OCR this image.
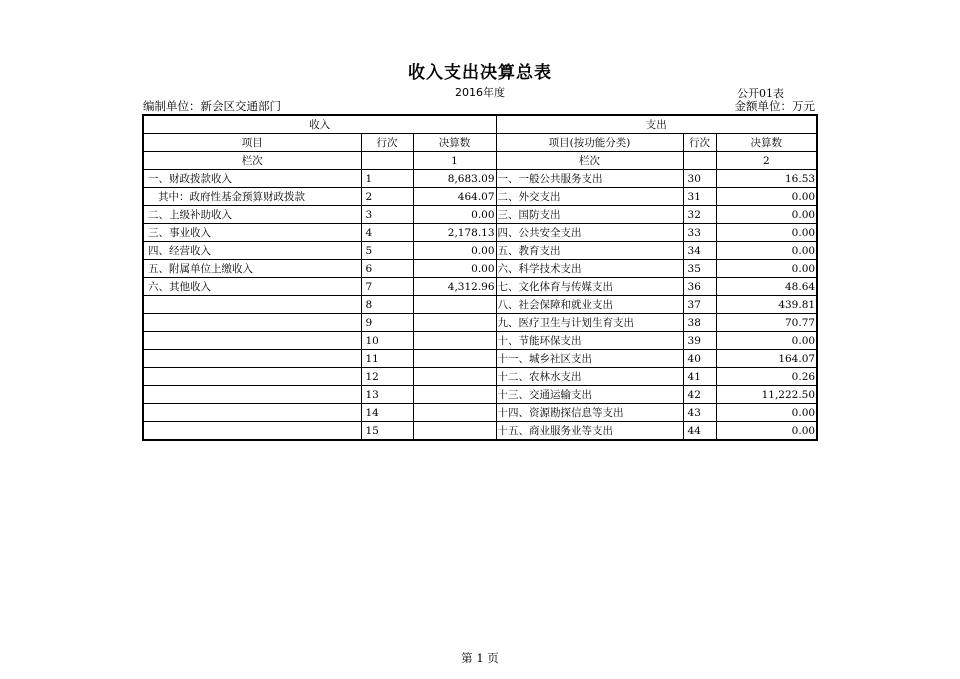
收入支出决算总表
2016年度	公开01表
编制单位：新会区交通部门	金额单位：万元
收入			支出		
项目	行次	决算数	项目(按功能分类)	行次	决算数
栏次		1	栏次		2
一、财政拨款收入	1	8,683.09	一、一般公共服务支出	30	16.53
其中：政府性基金预算财政拨款	2	464.07	二、外交支出	31	0.00
二、上级补助收入	3	0.00	三、国防支出	32	0.00
三、事业收入	4	2,178.13	四、公共安全支出	33	0.00
四、经营收入	5	0.00	五、教育支出	34	0.00
五、附属单位上缴收入	6	0.00	六、科学技术支出	35	0.00
六、其他收入	7	4,312.96	七、文化体育与传媒支出	36	48.64
	8		八、社会保障和就业支出	37	439.81
	9		九、医疗卫生与计划生育支出	38	70.77
	10		十、节能环保支出	39	0.00
	11		十一、城乡社区支出	40	164.07
	12		十二、农林水支出	41	0.26
	13		十三、交通运输支出	42	11,222.50
	14		十四、资源勘探信息等支出	43	0.00
	15		十五、商业服务业等支出	44	0.00
第 1 页
